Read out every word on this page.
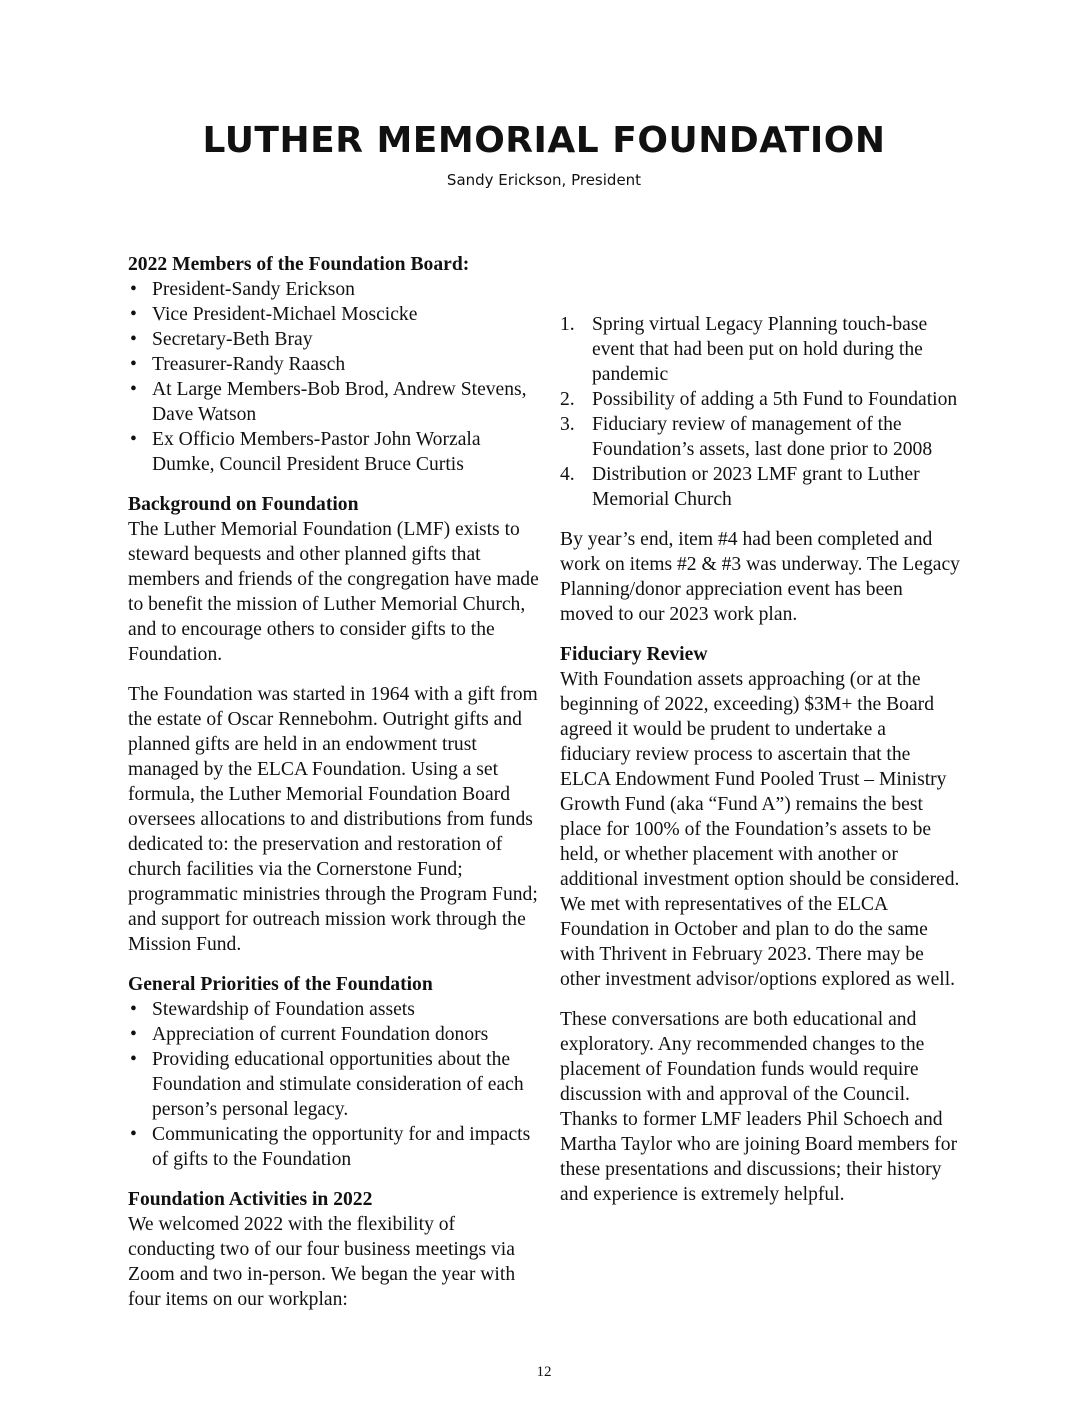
LUTHER MEMORIAL FOUNDATION
Sandy Erickson, President
2022 Members of the Foundation Board:
• President-Sandy Erickson
• Vice President-Michael Moscicke
• Secretary-Beth Bray
• Treasurer-Randy Raasch
• At Large Members-Bob Brod, Andrew Stevens, Dave Watson
• Ex Officio Members-Pastor John Worzala Dumke, Council President Bruce Curtis
Background on Foundation

The Luther Memorial Foundation (LMF) exists to steward bequests and other planned gifts that members and friends of the congregation have made to benefit the mission of Luther Memorial Church, and to encourage others to consider gifts to the Foundation.

The Foundation was started in 1964 with a gift from the estate of Oscar Rennebohm. Outright gifts and planned gifts are held in an endowment trust managed by the ELCA Foundation. Using a set formula, the Luther Memorial Foundation Board oversees allocations to and distributions from funds dedicated to: the preservation and restoration of church facilities via the Cornerstone Fund; programmatic ministries through the Program Fund; and support for outreach mission work through the Mission Fund.

General Priorities of the Foundation
• Stewardship of Foundation assets
• Appreciation of current Foundation donors
• Providing educational opportunities about the Foundation and stimulate consideration of each person’s personal legacy.
• Communicating the opportunity for and impacts of gifts to the Foundation
Foundation Activities in 2022

We welcomed 2022 with the flexibility of conducting two of our four business meetings via Zoom and two in-person. We began the year with four items on our workplan:

1. Spring virtual Legacy Planning touch-base event that had been put on hold during the pandemic
2. Possibility of adding a 5th Fund to Foundation
3. Fiduciary review of management of the Foundation’s assets, last done prior to 2008
4. Distribution or 2023 LMF grant to Luther Memorial Church

By year’s end, item #4 had been completed and work on items #2 & #3 was underway. The Legacy Planning/donor appreciation event has been moved to our 2023 work plan.

Fiduciary Review

With Foundation assets approaching (or at the beginning of 2022, exceeding) $3M+ the Board agreed it would be prudent to undertake a fiduciary review process to ascertain that the ELCA Endowment Fund Pooled Trust – Ministry Growth Fund (aka “Fund A”) remains the best place for 100% of the Foundation’s assets to be held, or whether placement with another or additional investment option should be considered. We met with representatives of the ELCA Foundation in October and plan to do the same with Thrivent in February 2023. There may be other investment advisor/options explored as well.

These conversations are both educational and exploratory. Any recommended changes to the placement of Foundation funds would require discussion with and approval of the Council. Thanks to former LMF leaders Phil Schoech and Martha Taylor who are joining Board members for these presentations and discussions; their history and experience is extremely helpful.

12
